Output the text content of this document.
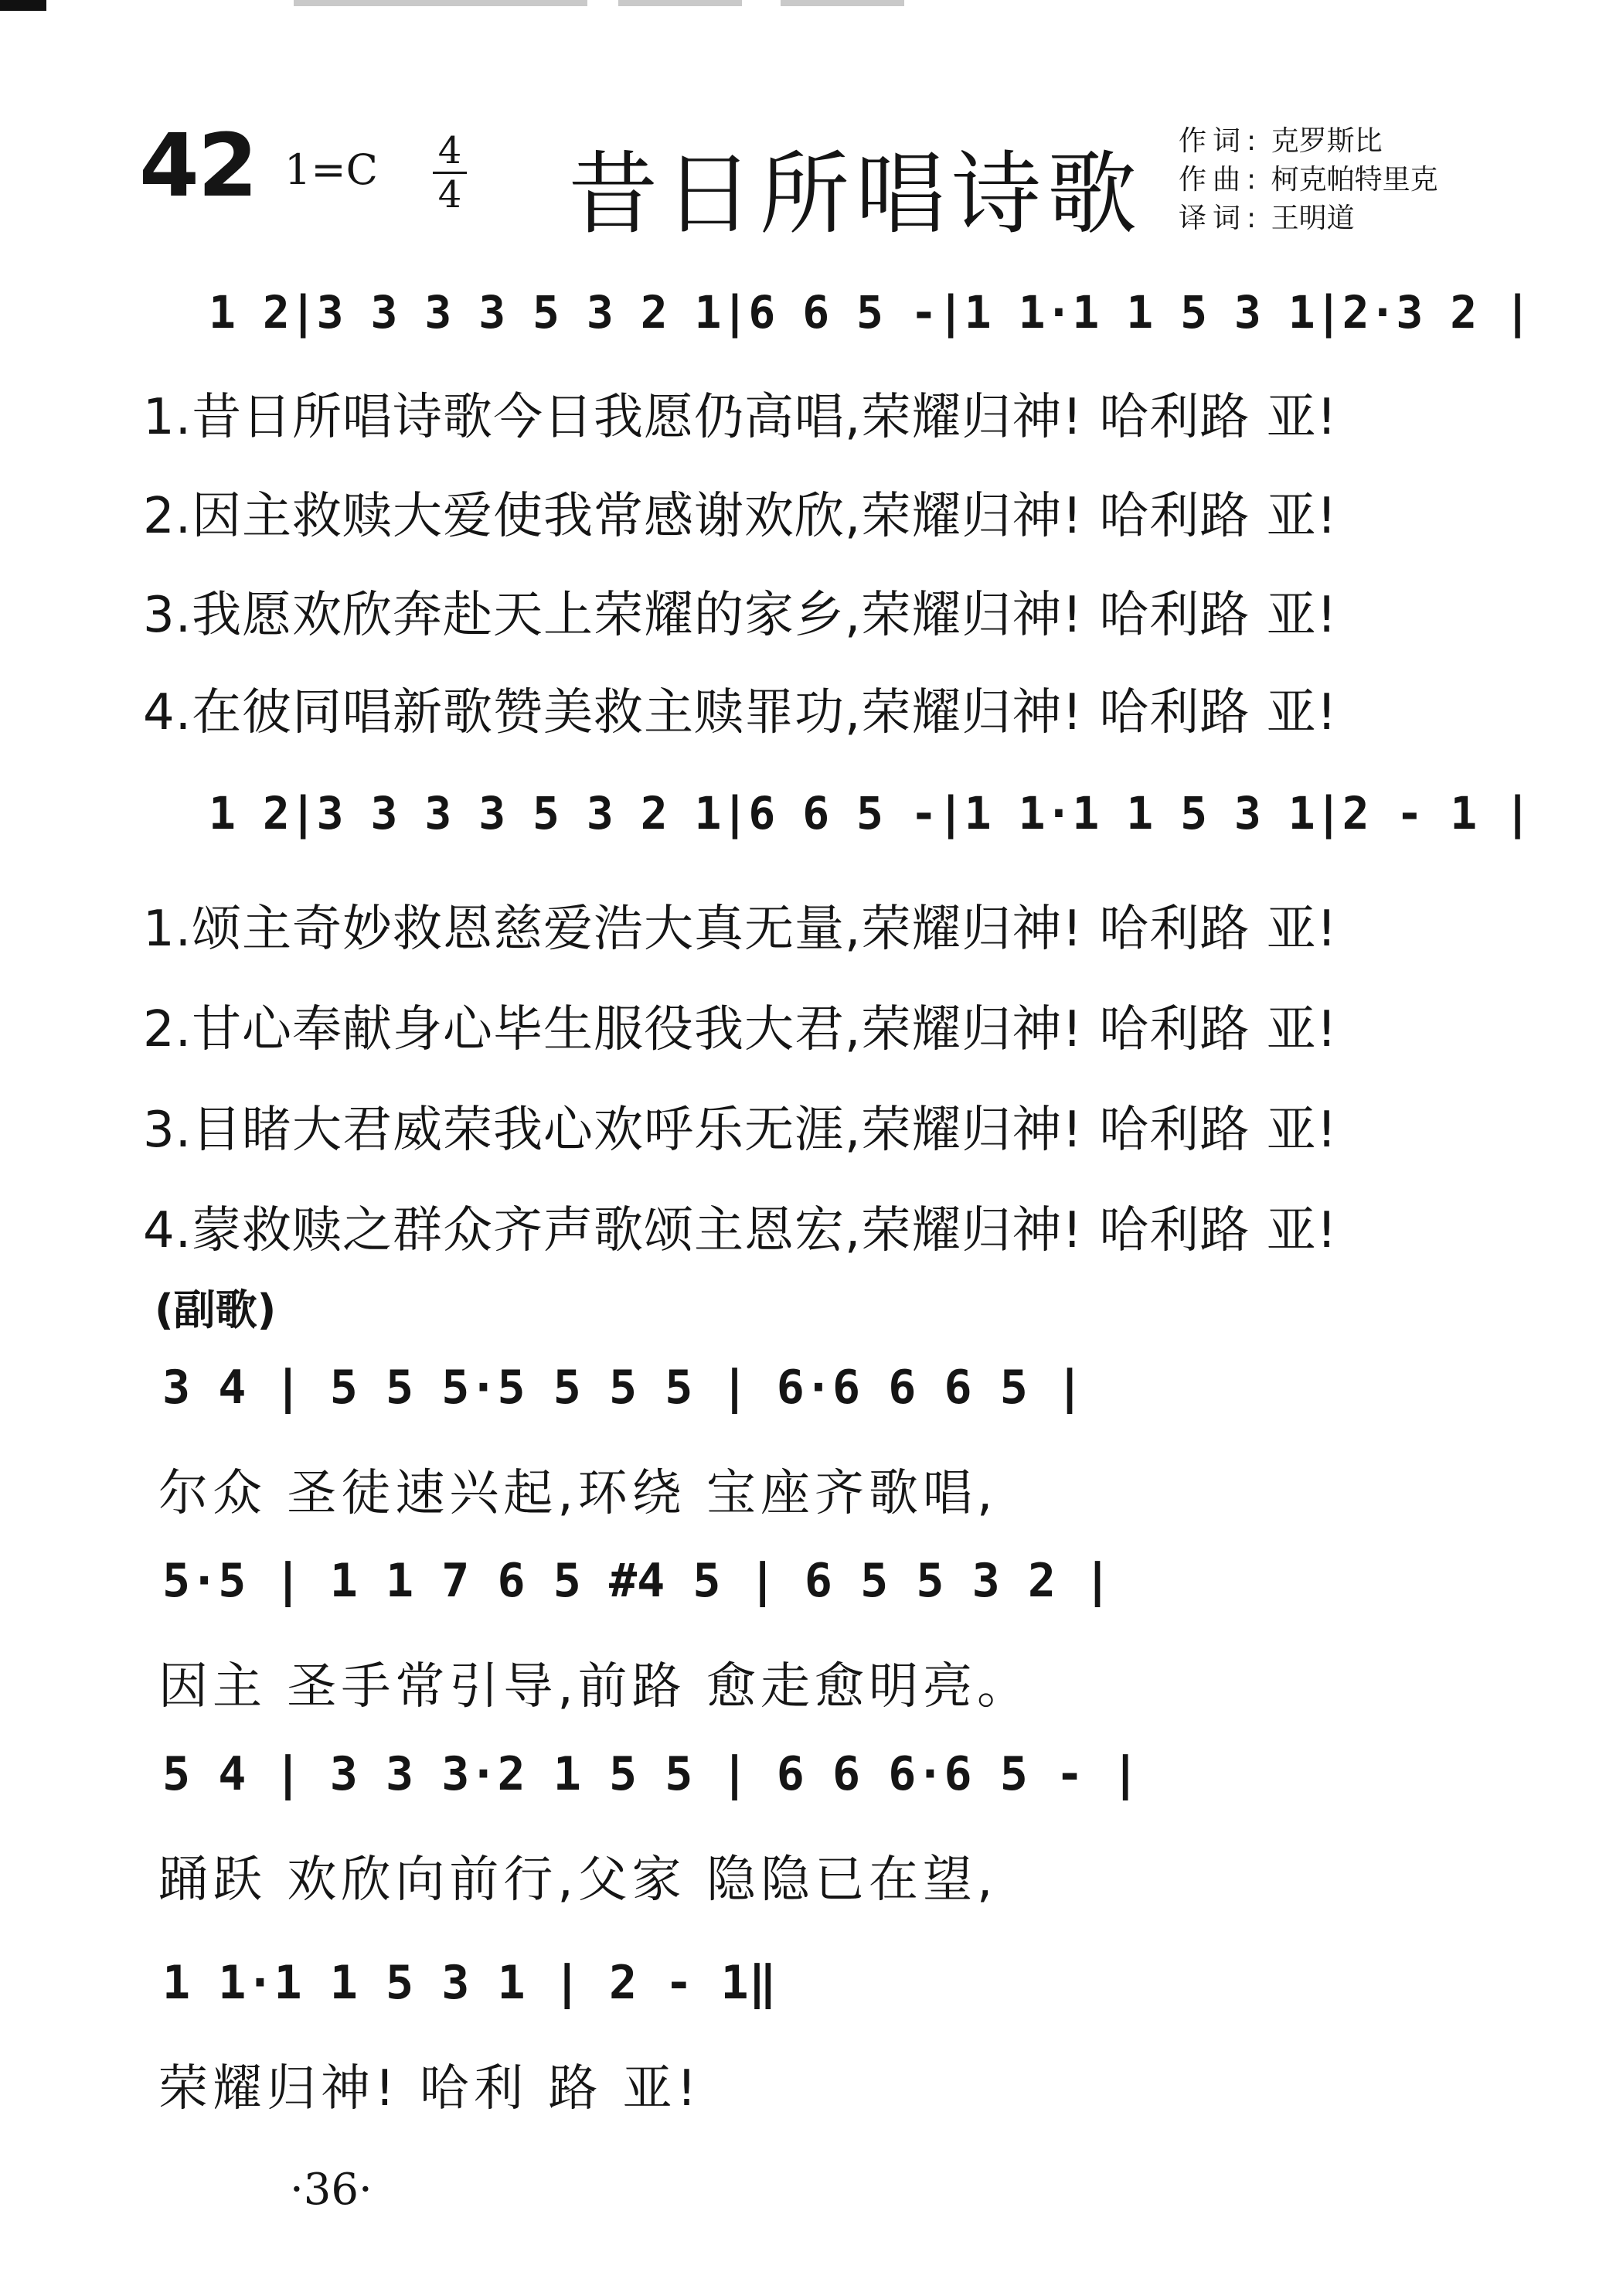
42 1=C	4
4 昔日所唱诗歌
作词: 克罗斯比
作曲: 柯克帕特里克
译词: 王明道
1 2|3 3 3 3 5 3 2 1|6 6 5 -|1 1·1 1 5 3 1|2·3 2 |
1.昔日所唱诗歌今日我愿仍高唱,荣耀归神! 哈利路 亚!
2.因主救赎大爱使我常感谢欢欣,荣耀归神! 哈利路 亚!
3.我愿欢欣奔赴天上荣耀的家乡,荣耀归神! 哈利路 亚!
4.在彼同唱新歌赞美救主赎罪功,荣耀归神! 哈利路 亚!
1 2|3 3 3 3 5 3 2 1|6 6 5 -|1 1·1 1 5 3 1|2 - 1 |
1.颂主奇妙救恩慈爱浩大真无量,荣耀归神! 哈利路 亚!
2.甘心奉献身心毕生服役我大君,荣耀归神! 哈利路 亚!
3.目睹大君威荣我心欢呼乐无涯,荣耀归神! 哈利路 亚!
4.蒙救赎之群众齐声歌颂主恩宏,荣耀归神! 哈利路 亚!
(副歌)
3 4 | 5 5 5·5 5 5 5 | 6·6 6 6 5 |
尔众 圣徒速兴起,环绕 宝座齐歌唱,
5·5 | 1 1 7 6 5 #4 5 | 6 5 5 3 2 |
因主 圣手常引导,前路 愈走愈明亮。
5 4 | 3 3 3·2 1 5 5 | 6 6 6·6 5 - |
踊跃 欢欣向前行,父家 隐隐已在望,
1 1·1 1 5 3 1 | 2 - 1‖
荣耀归神! 哈利 路 亚!
·36·
